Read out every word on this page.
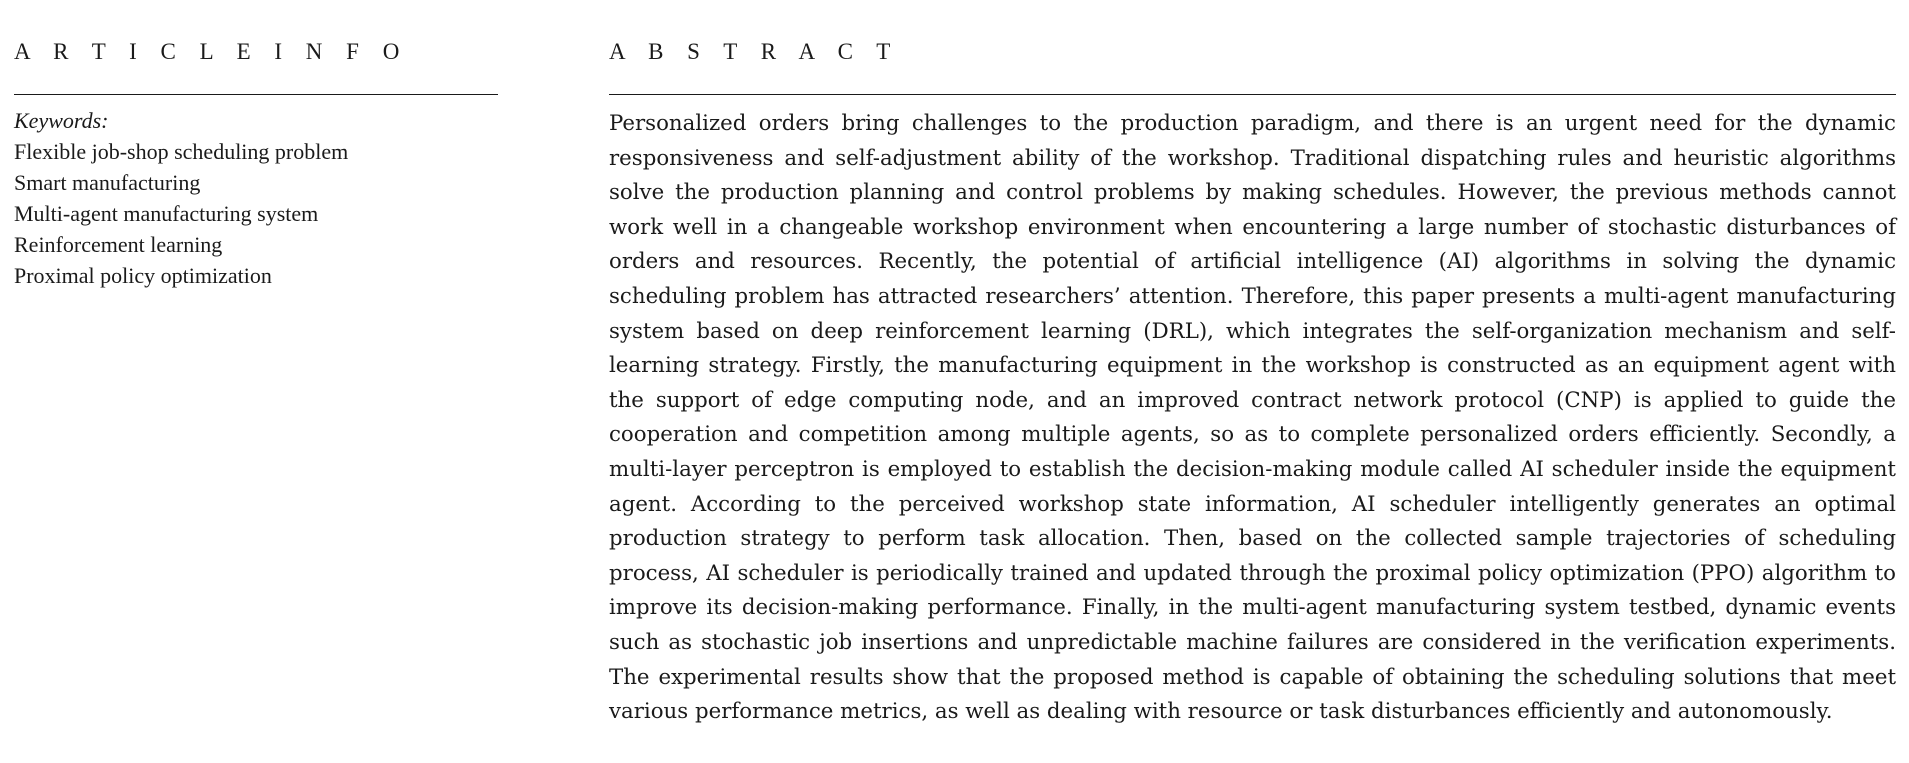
A R T I C L E I N F O
Keywords:
Flexible job-shop scheduling problem
Smart manufacturing
Multi-agent manufacturing system
Reinforcement learning
Proximal policy optimization
A B S T R A C T

Personalized orders bring challenges to the production paradigm, and there is an urgent need for the dynamic responsiveness and self-adjustment ability of the workshop. Traditional dispatching rules and heuristic algorithms solve the production planning and control problems by making schedules. However, the previous methods cannot work well in a changeable workshop environment when encountering a large number of stochastic disturbances of orders and resources. Recently, the potential of artificial intelligence (AI) algorithms in solving the dynamic scheduling problem has attracted researchers’ attention. Therefore, this paper presents a multi-agent manufacturing system based on deep reinforcement learning (DRL), which integrates the self-organization mechanism and self-learning strategy. Firstly, the manufacturing equipment in the workshop is constructed as an equipment agent with the support of edge computing node, and an improved contract network protocol (CNP) is applied to guide the cooperation and competition among multiple agents, so as to complete personalized orders efficiently. Secondly, a multi-layer perceptron is employed to establish the decision-making module called AI scheduler inside the equipment agent. According to the perceived workshop state information, AI scheduler intelligently generates an optimal production strategy to perform task allocation. Then, based on the collected sample trajectories of scheduling process, AI scheduler is periodically trained and updated through the proximal policy optimization (PPO) algorithm to improve its decision-making performance. Finally, in the multi-agent manufacturing system testbed, dynamic events such as stochastic job insertions and unpredictable machine failures are considered in the verification experiments. The experimental results show that the proposed method is capable of obtaining the scheduling solutions that meet various performance metrics, as well as dealing with resource or task disturbances efficiently and autonomously.
